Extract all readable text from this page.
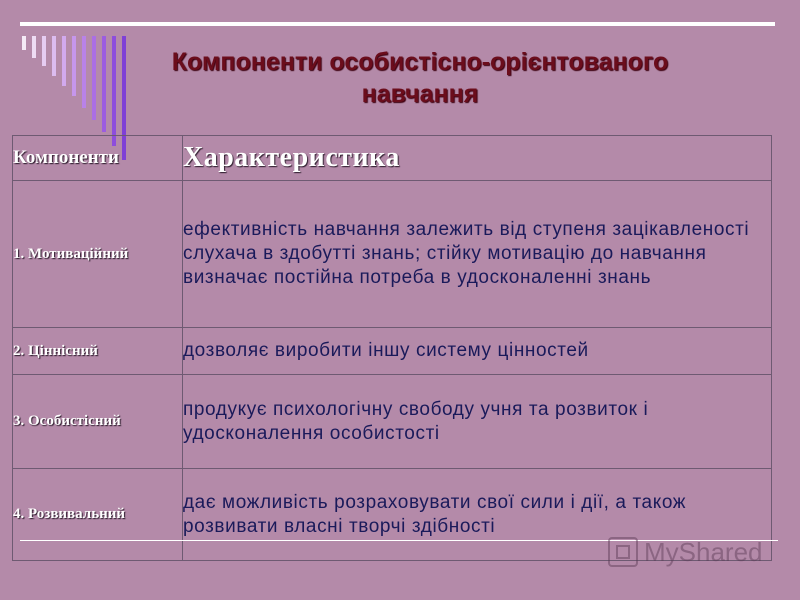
Компоненти особистісно-орієнтованого навчання
Компоненти	Характеристика
1. Мотиваційний	ефективність навчання залежить від ступеня зацікавленості слухача в здобутті знань; стійку мотивацію до навчання визначає постійна потреба в удосконаленні знань
2. Ціннісний	дозволяє виробити іншу систему цінностей
3. Особистісний	продукує психологічну свободу учня та розвиток і удосконалення особистості
4. Розвивальний	дає можливість розраховувати свої сили і дії, а також розвивати власні творчі здібності
MyShared
